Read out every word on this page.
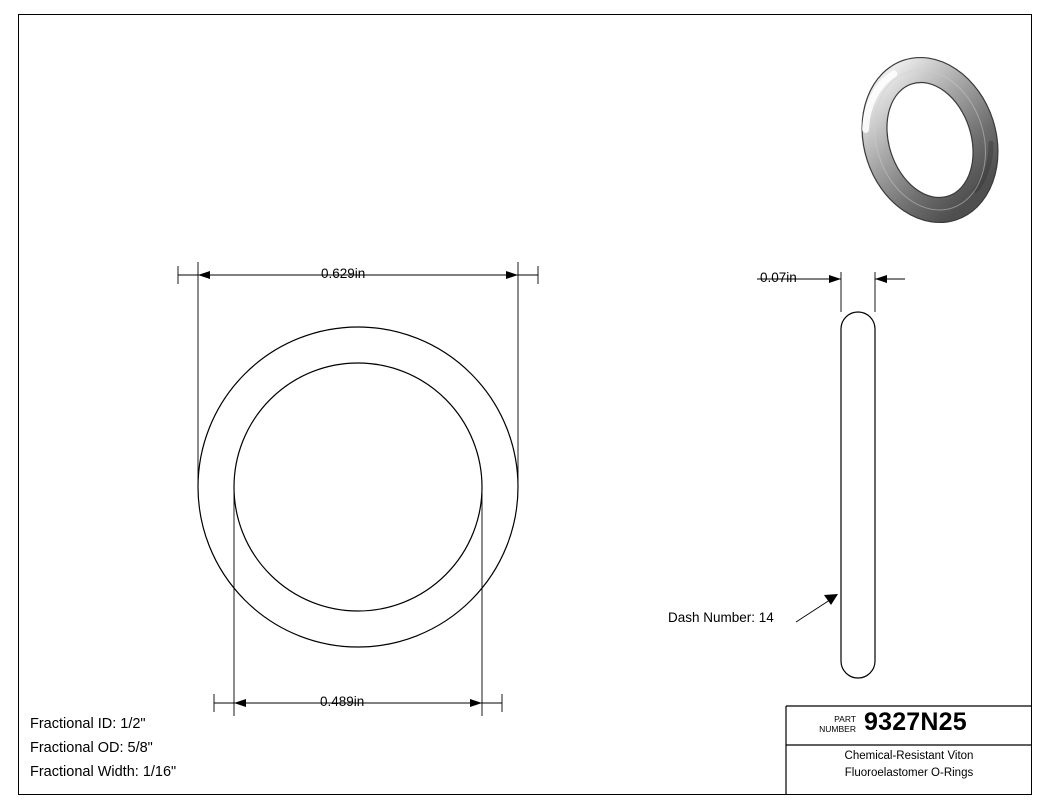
0.629in
0.489in
0.07in
Dash Number: 14
Fractional ID: 1/2"
Fractional OD: 5/8"
Fractional Width: 1/16"
PART
NUMBER 9327N25
Chemical-Resistant Viton
Fluoroelastomer O-Rings
